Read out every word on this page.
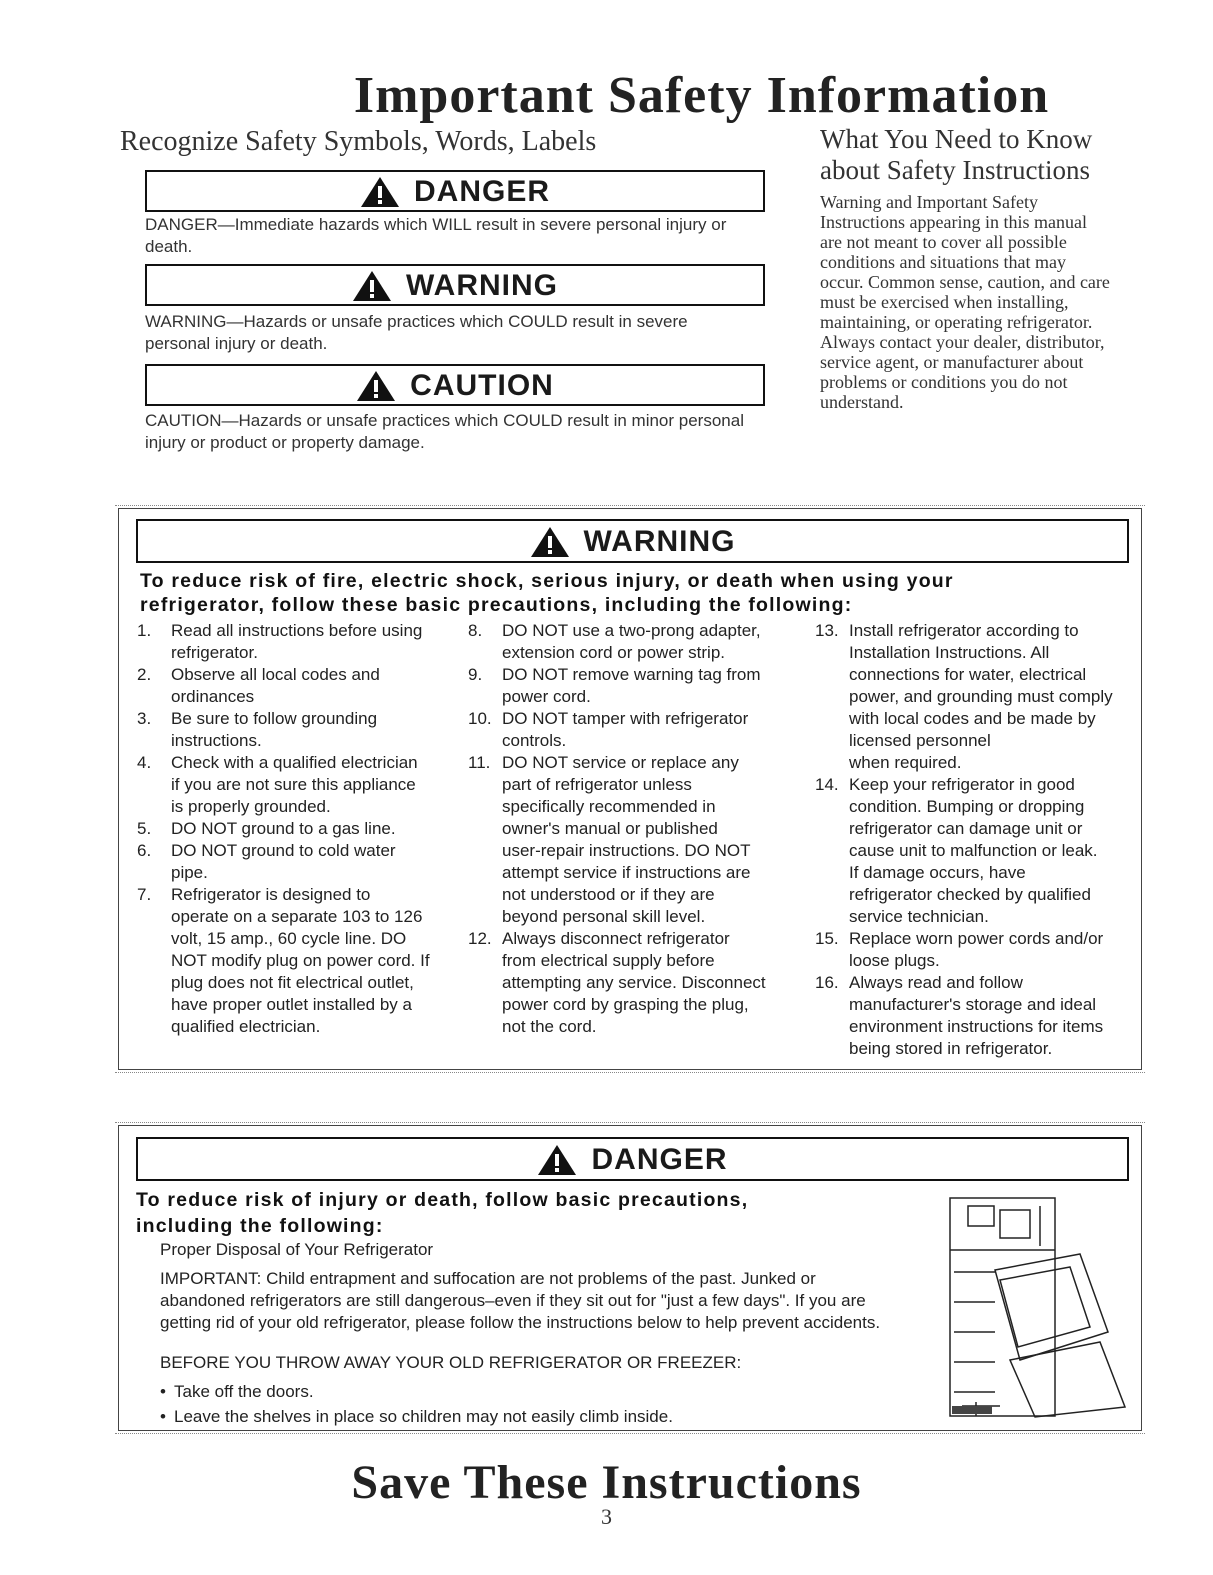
Important Safety Information
Recognize Safety Symbols, Words, Labels
DANGER
DANGER—Immediate hazards which WILL result in severe personal injury or
death.
WARNING
WARNING—Hazards or unsafe practices which COULD result in severe
personal injury or death.
CAUTION
CAUTION—Hazards or unsafe practices which COULD result in minor personal
injury or product or property damage.
What You Need to Know
about Safety Instructions
Warning and Important Safety
Instructions appearing in this manual
are not meant to cover all possible
conditions and situations that may
occur. Common sense, caution, and care
must be exercised when installing,
maintaining, or operating refrigerator.
Always contact your dealer, distributor,
service agent, or manufacturer about
problems or conditions you do not
understand.
WARNING
To reduce risk of fire, electric shock, serious injury, or death when using your
refrigerator, follow these basic precautions, including the following:
1. Read all instructions before using
refrigerator.
2. Observe all local codes and
ordinances
3. Be sure to follow grounding
instructions.
4. Check with a qualified electrician
if you are not sure this appliance
is properly grounded.
5. DO NOT ground to a gas line.
6. DO NOT ground to cold water
pipe.
7. Refrigerator is designed to
operate on a separate 103 to 126
volt, 15 amp., 60 cycle line. DO
NOT modify plug on power cord. If
plug does not fit electrical outlet,
have proper outlet installed by a
qualified electrician.
8. DO NOT use a two-prong adapter,
extension cord or power strip.
9. DO NOT remove warning tag from
power cord.
10. DO NOT tamper with refrigerator
controls.
11. DO NOT service or replace any
part of refrigerator unless
specifically recommended in
owner's manual or published
user-repair instructions. DO NOT
attempt service if instructions are
not understood or if they are
beyond personal skill level.
12. Always disconnect refrigerator
from electrical supply before
attempting any service. Disconnect
power cord by grasping the plug,
not the cord.
13. Install refrigerator according to
Installation Instructions. All
connections for water, electrical
power, and grounding must comply
with local codes and be made by
licensed personnel
when required.
14. Keep your refrigerator in good
condition. Bumping or dropping
refrigerator can damage unit or
cause unit to malfunction or leak.
If damage occurs, have
refrigerator checked by qualified
service technician.
15. Replace worn power cords and/or
loose plugs.
16. Always read and follow
manufacturer's storage and ideal
environment instructions for items
being stored in refrigerator.
DANGER
To reduce risk of injury or death, follow basic precautions,
including the following:
Proper Disposal of Your Refrigerator
IMPORTANT: Child entrapment and suffocation are not problems of the past. Junked or
abandoned refrigerators are still dangerous–even if they sit out for "just a few days". If you are
getting rid of your old refrigerator, please follow the instructions below to help prevent accidents.
BEFORE YOU THROW AWAY YOUR OLD REFRIGERATOR OR FREEZER:
• Take off the doors.
• Leave the shelves in place so children may not easily climb inside.
Save These Instructions
3
